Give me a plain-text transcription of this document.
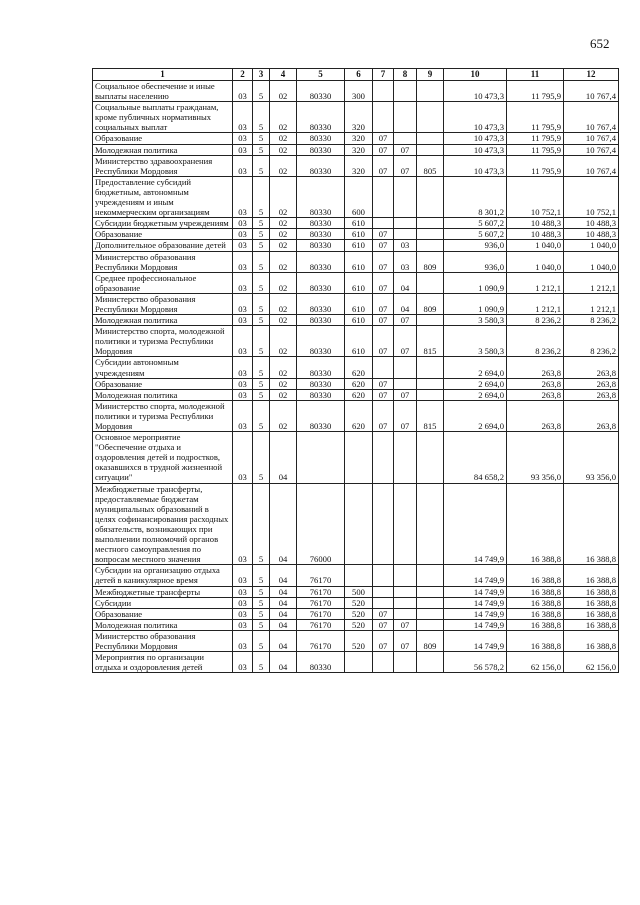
652
1	2	3	4	5	6	7	8	9	10	11	12
Социальное обеспечение и иные выплаты населению	03	5	02	80330	300				10 473,3	11 795,9	10 767,4
Социальные выплаты гражданам, кроме публичных нормативных социальных выплат	03	5	02	80330	320				10 473,3	11 795,9	10 767,4
Образование	03	5	02	80330	320	07			10 473,3	11 795,9	10 767,4
Молодежная политика	03	5	02	80330	320	07	07		10 473,3	11 795,9	10 767,4
Министерство здравоохранения Республики Мордовия	03	5	02	80330	320	07	07	805	10 473,3	11 795,9	10 767,4
Предоставление субсидий бюджетным, автономным учреждениям и иным некоммерческим организациям	03	5	02	80330	600				8 301,2	10 752,1	10 752,1
Субсидии бюджетным учреждениям	03	5	02	80330	610				5 607,2	10 488,3	10 488,3
Образование	03	5	02	80330	610	07			5 607,2	10 488,3	10 488,3
Дополнительное образование детей	03	5	02	80330	610	07	03		936,0	1 040,0	1 040,0
Министерство образования Республики Мордовия	03	5	02	80330	610	07	03	809	936,0	1 040,0	1 040,0
Среднее профессиональное образование	03	5	02	80330	610	07	04		1 090,9	1 212,1	1 212,1
Министерство образования Республики Мордовия	03	5	02	80330	610	07	04	809	1 090,9	1 212,1	1 212,1
Молодежная политика	03	5	02	80330	610	07	07		3 580,3	8 236,2	8 236,2
Министерство спорта, молодежной политики и туризма Республики Мордовия	03	5	02	80330	610	07	07	815	3 580,3	8 236,2	8 236,2
Субсидии автономным учреждениям	03	5	02	80330	620				2 694,0	263,8	263,8
Образование	03	5	02	80330	620	07			2 694,0	263,8	263,8
Молодежная политика	03	5	02	80330	620	07	07		2 694,0	263,8	263,8
Министерство спорта, молодежной политики и туризма Республики Мордовия	03	5	02	80330	620	07	07	815	2 694,0	263,8	263,8
Основное мероприятие "Обеспечение отдыха и оздоровления детей и подростков, оказавшихся в трудной жизненной ситуации"	03	5	04						84 658,2	93 356,0	93 356,0
Межбюджетные трансферты, предоставляемые бюджетам муниципальных образований в целях софинансирования расходных обязательств, возникающих при выполнении полномочий органов местного самоуправления по вопросам местного значения	03	5	04	76000					14 749,9	16 388,8	16 388,8
Субсидии на организацию отдыха детей в каникулярное время	03	5	04	76170					14 749,9	16 388,8	16 388,8
Межбюджетные трансферты	03	5	04	76170	500				14 749,9	16 388,8	16 388,8
Субсидии	03	5	04	76170	520				14 749,9	16 388,8	16 388,8
Образование	03	5	04	76170	520	07			14 749,9	16 388,8	16 388,8
Молодежная политика	03	5	04	76170	520	07	07		14 749,9	16 388,8	16 388,8
Министерство образования Республики Мордовия	03	5	04	76170	520	07	07	809	14 749,9	16 388,8	16 388,8
Мероприятия по организации отдыха и оздоровления детей	03	5	04	80330					56 578,2	62 156,0	62 156,0
